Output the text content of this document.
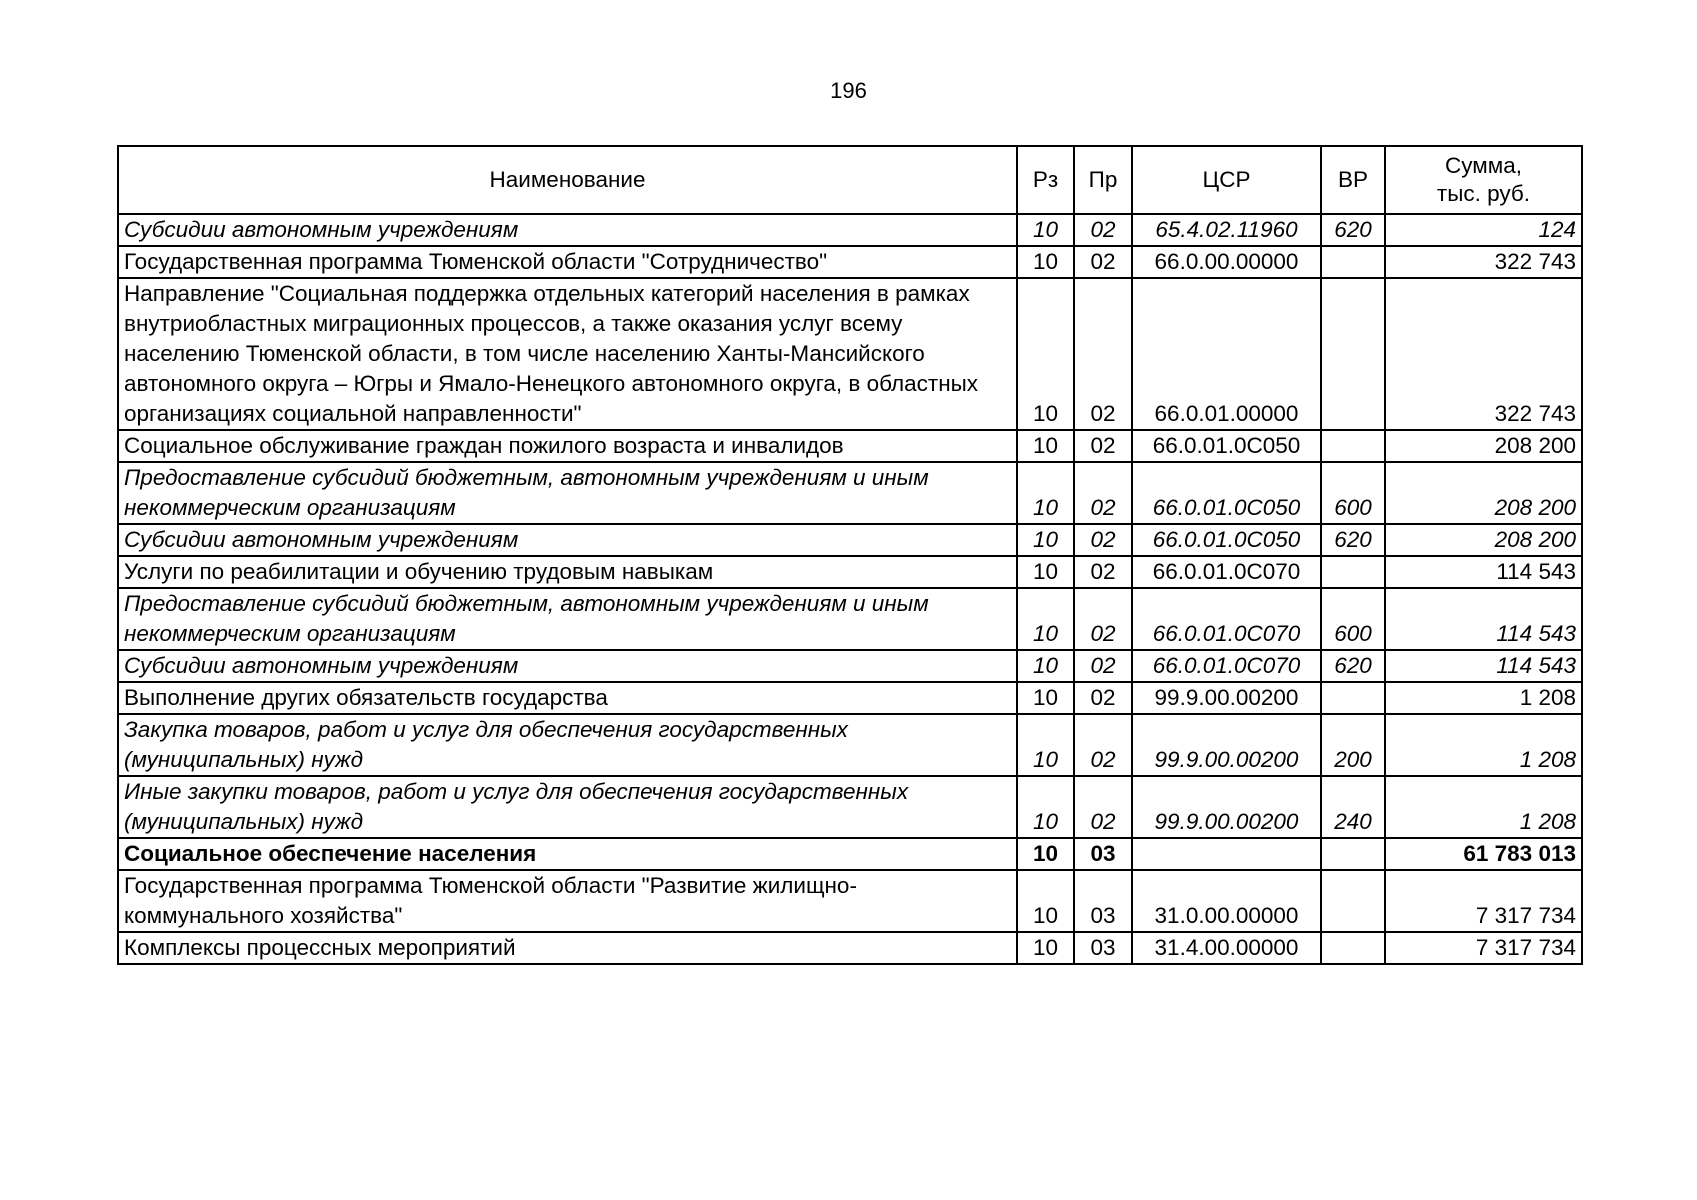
196
Наименование	Рз	Пр	ЦСР	ВР	Сумма,
тыс. руб.
Субсидии автономным учреждениям	10	02	65.4.02.11960	620	124
Государственная программа Тюменской области "Сотрудничество"	10	02	66.0.00.00000		322 743
Направление "Социальная поддержка отдельных категорий населения в рамках внутриобластных миграционных процессов, а также оказания услуг всему населению Тюменской области, в том числе населению Ханты-Мансийского автономного округа – Югры и Ямало-Ненецкого автономного округа, в областных организациях социальной направленности"	10	02	66.0.01.00000		322 743
Социальное обслуживание граждан пожилого возраста и инвалидов	10	02	66.0.01.0С050		208 200
Предоставление субсидий бюджетным, автономным учреждениям и иным некоммерческим организациям	10	02	66.0.01.0С050	600	208 200
Субсидии автономным учреждениям	10	02	66.0.01.0С050	620	208 200
Услуги по реабилитации и обучению трудовым навыкам	10	02	66.0.01.0С070		114 543
Предоставление субсидий бюджетным, автономным учреждениям и иным некоммерческим организациям	10	02	66.0.01.0С070	600	114 543
Субсидии автономным учреждениям	10	02	66.0.01.0С070	620	114 543
Выполнение других обязательств государства	10	02	99.9.00.00200		1 208
Закупка товаров, работ и услуг для обеспечения государственных (муниципальных) нужд	10	02	99.9.00.00200	200	1 208
Иные закупки товаров, работ и услуг для обеспечения государственных (муниципальных) нужд	10	02	99.9.00.00200	240	1 208
Социальное обеспечение населения	10	03			61 783 013
Государственная программа Тюменской области "Развитие жилищно-коммунального хозяйства"	10	03	31.0.00.00000		7 317 734
Комплексы процессных мероприятий	10	03	31.4.00.00000		7 317 734
